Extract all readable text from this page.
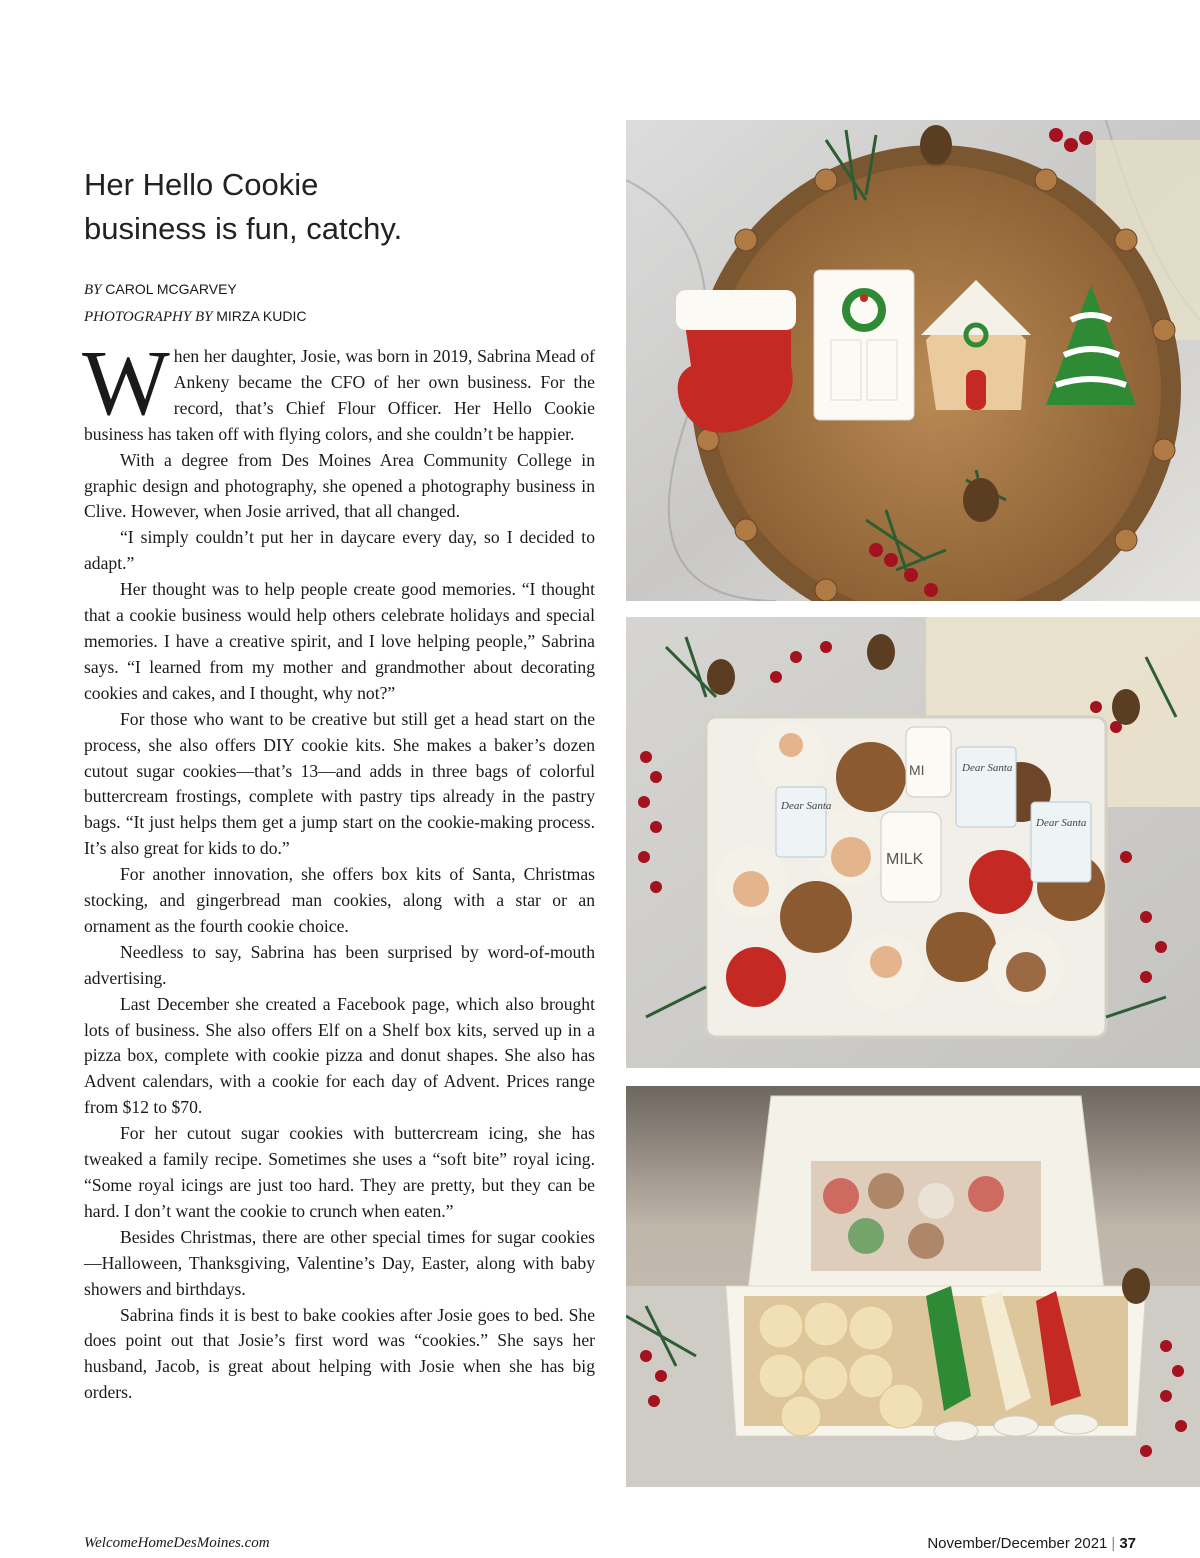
Her Hello Cookie
business is fun, catchy.
BY CAROL MCGARVEY
PHOTOGRAPHY BY MIRZA KUDIC

When her daughter, Josie, was born in 2019, Sabrina Mead of Ankeny became the CFO of her own business. For the record, that’s Chief Flour Officer. Her Hello Cookie business has taken off with flying colors, and she couldn’t be happier.

With a degree from Des Moines Area Community College in graphic design and photography, she opened a photography business in Clive. However, when Josie arrived, that all changed.

“I simply couldn’t put her in daycare every day, so I decided to adapt.”

Her thought was to help people create good memories. “I thought that a cookie business would help others celebrate holidays and special memories. I have a creative spirit, and I love helping people,” Sabrina says. “I learned from my mother and grandmother about decorating cookies and cakes, and I thought, why not?”

For those who want to be creative but still get a head start on the process, she also offers DIY cookie kits. She makes a baker’s dozen cutout sugar cookies—that’s 13—and adds in three bags of colorful buttercream frostings, complete with pastry tips already in the pastry bags. “It just helps them get a jump start on the cookie-making process. It’s also great for kids to do.”

For another innovation, she offers box kits of Santa, Christmas stocking, and gingerbread man cookies, along with a star or an ornament as the fourth cookie choice.

Needless to say, Sabrina has been surprised by word-of-mouth advertising.

Last December she created a Facebook page, which also brought lots of business. She also offers Elf on a Shelf box kits, served up in a pizza box, complete with cookie pizza and donut shapes. She also has Advent calendars, with a cookie for each day of Advent. Prices range from $12 to $70.

For her cutout sugar cookies with buttercream icing, she has tweaked a family recipe. Sometimes she uses a “soft bite” royal icing. “Some royal icings are just too hard. They are pretty, but they can be hard. I don’t want the cookie to crunch when eaten.”

Besides Christmas, there are other special times for sugar cookies—Halloween, Thanksgiving, Valentine’s Day, Easter, along with baby showers and birthdays.

Sabrina finds it is best to bake cookies after Josie goes to bed. She does point out that Josie’s first word was “cookies.” She says her husband, Jacob, is great about helping with Josie when she has big orders.

Dear Santa
Dear Santa
Dear Santa
MILK
MI
WelcomeHomeDesMoines.com	November/December 2021 | 37
